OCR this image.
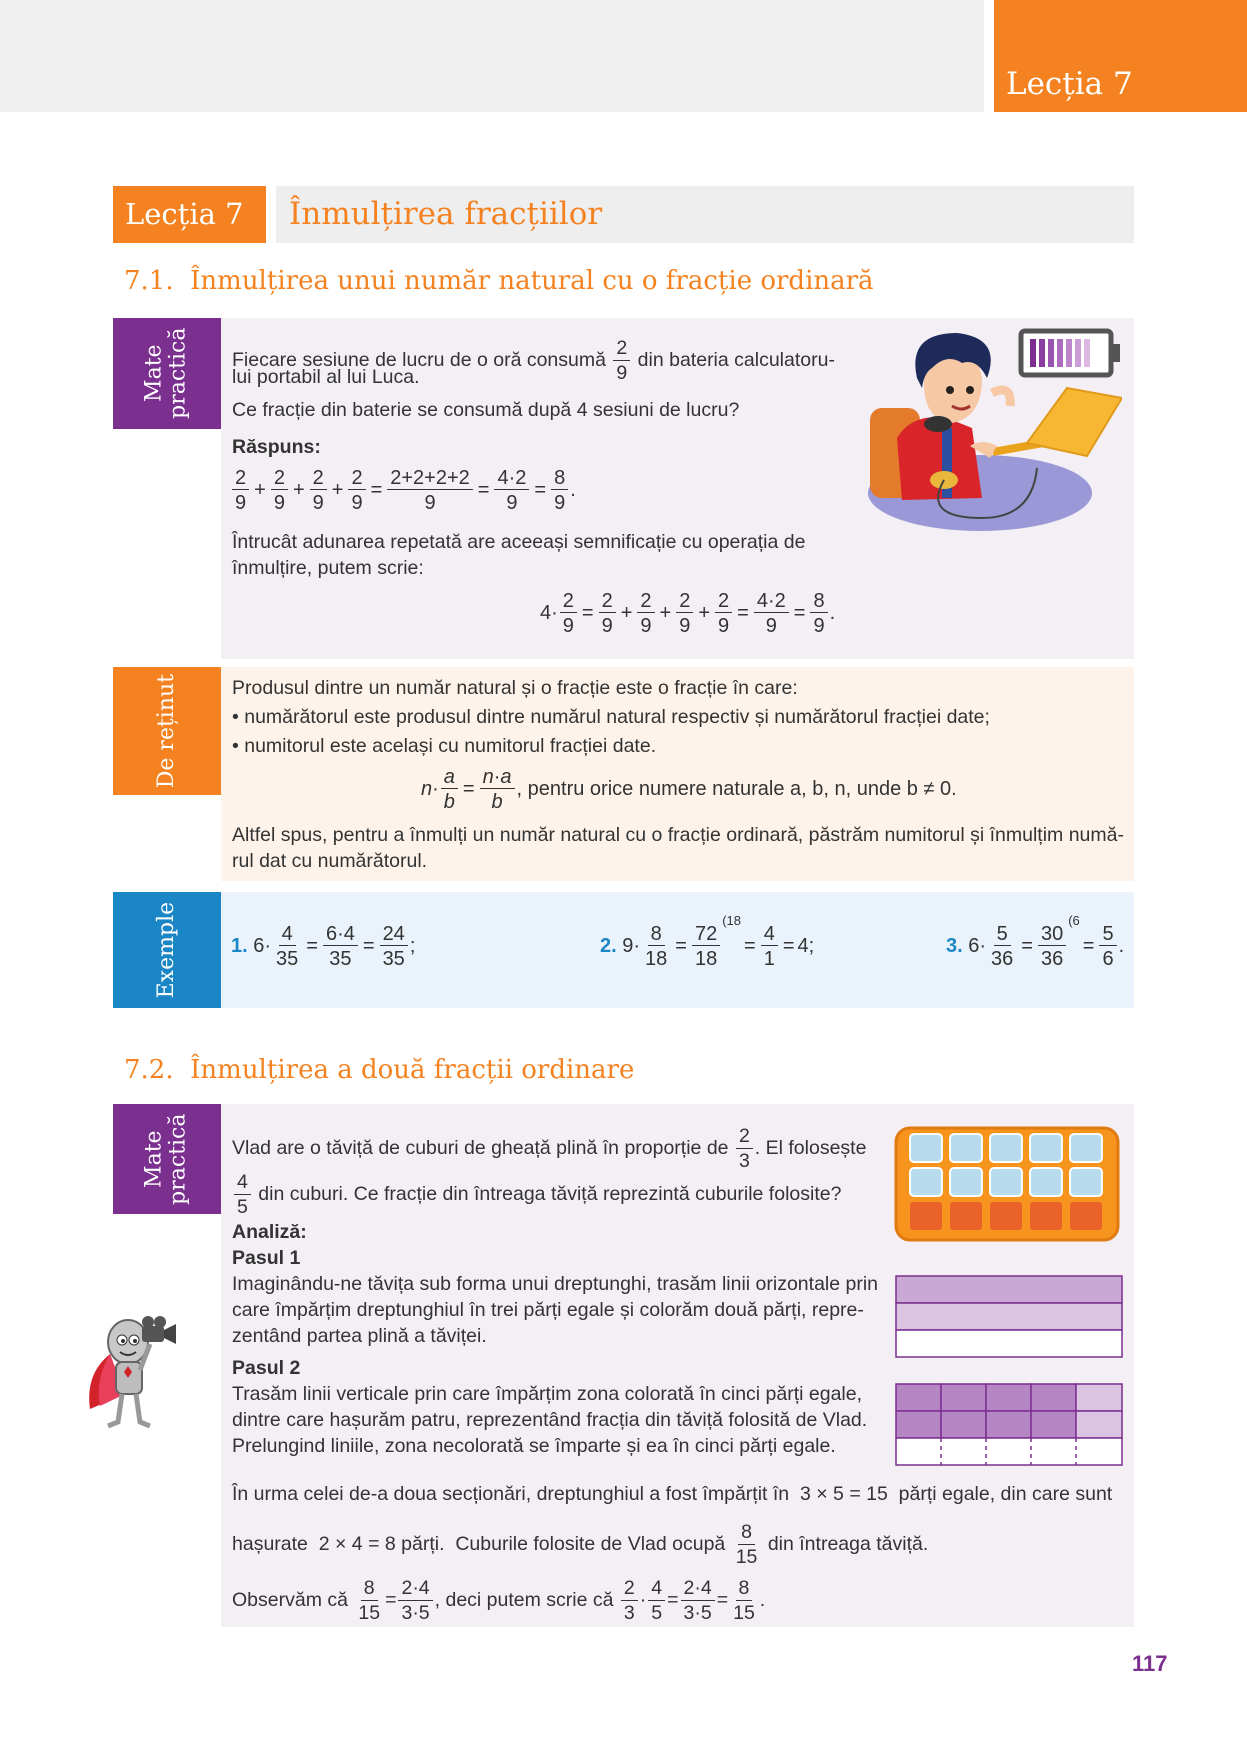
Lecția 7
Lecția 7	Înmulțirea fracțiilor
7.1.  Înmulțirea unui număr natural cu o fracție ordinară
Mate
practică Fiecare sesiune de lucru de o oră consumă $\frac{2}{9}$ din bateria calculatoru-
lui portabil al lui Luca.
Ce fracție din baterie se consumă după 4 sesiuni de lucru?
Răspuns:
$\frac{2}{9} + \frac{2}{9} + \frac{2}{9} + \frac{2}{9} = \frac{2+2+2+2}{9} = \frac{4\cdot 2}{9} = \frac{8}{9}$ .
Întrucât adunarea repetată are aceeași semnificație cu operația de
înmulțire, putem scrie:
$4\cdot \frac{2}{9} = \frac{2}{9} + \frac{2}{9} + \frac{2}{9} + \frac{2}{9} = \frac{4\cdot 2}{9} = \frac{8}{9}$ .
De reținut	Produsul dintre un număr natural și o fracție este o fracție în care:
• numărătorul este produsul dintre numărul natural respectiv și numărătorul fracției date;
• numitorul este același cu numitorul fracției date.
$n\cdot \frac{a}{b} = \frac{n\cdot a}{b}$ , pentru orice numere naturale a, b, n, unde b ≠ 0.
Altfel spus, pentru a înmulți un număr natural cu o fracție ordinară, păstrăm numitorul și înmulțim numă-
rul dat cu numărătorul.
Exemple	1. $6\cdot \frac{4}{35} = \frac{6\cdot 4}{35} = \frac{24}{35}$ ;	2. $9\cdot \frac{8}{18} = \frac{72}{18}$
$^{(18}= \frac{4}{1} = 4$;	3. $6\cdot \frac{5}{36} = \frac{30}{36}$
$^{(6}= \frac{5}{6}$ .
7.2.  Înmulțirea a două fracții ordinare
Mate
practică Vlad are o tăviță de cuburi de gheață plină în proporție de $\frac{2}{3}$ . El folosește
$\frac{4}{5}$ din cuburi. Ce fracție din întreaga tăviță reprezintă cuburile folosite?
Analiză:
Pasul 1
Imaginându-ne tăvița sub forma unui dreptunghi, trasăm linii orizontale prin
care împărțim dreptunghiul în trei părți egale și colorăm două părți, repre-
zentând partea plină a tăviței.
Pasul 2
Trasăm linii verticale prin care împărțim zona colorată în cinci părți egale,
dintre care hașurăm patru, reprezentând fracția din tăviță folosită de Vlad.
Prelungind liniile, zona necolorată se împarte și ea în cinci părți egale.
În urma celei de-a doua secționări, dreptunghiul a fost împărțit în 3 × 5 = 15 părți egale, din care sunt
hașurate 2 × 4 = 8 părți. Cuburile folosite de Vlad ocupă $\frac{8}{15}$ din întreaga tăviță.
Observăm că $\frac{8}{15} = \frac{2\cdot 4}{3\cdot 5}$ , deci putem scrie că $\frac{2}{3} \cdot \frac{4}{5} = \frac{2\cdot 4}{3\cdot 5} = \frac{8}{15}$ .
117
